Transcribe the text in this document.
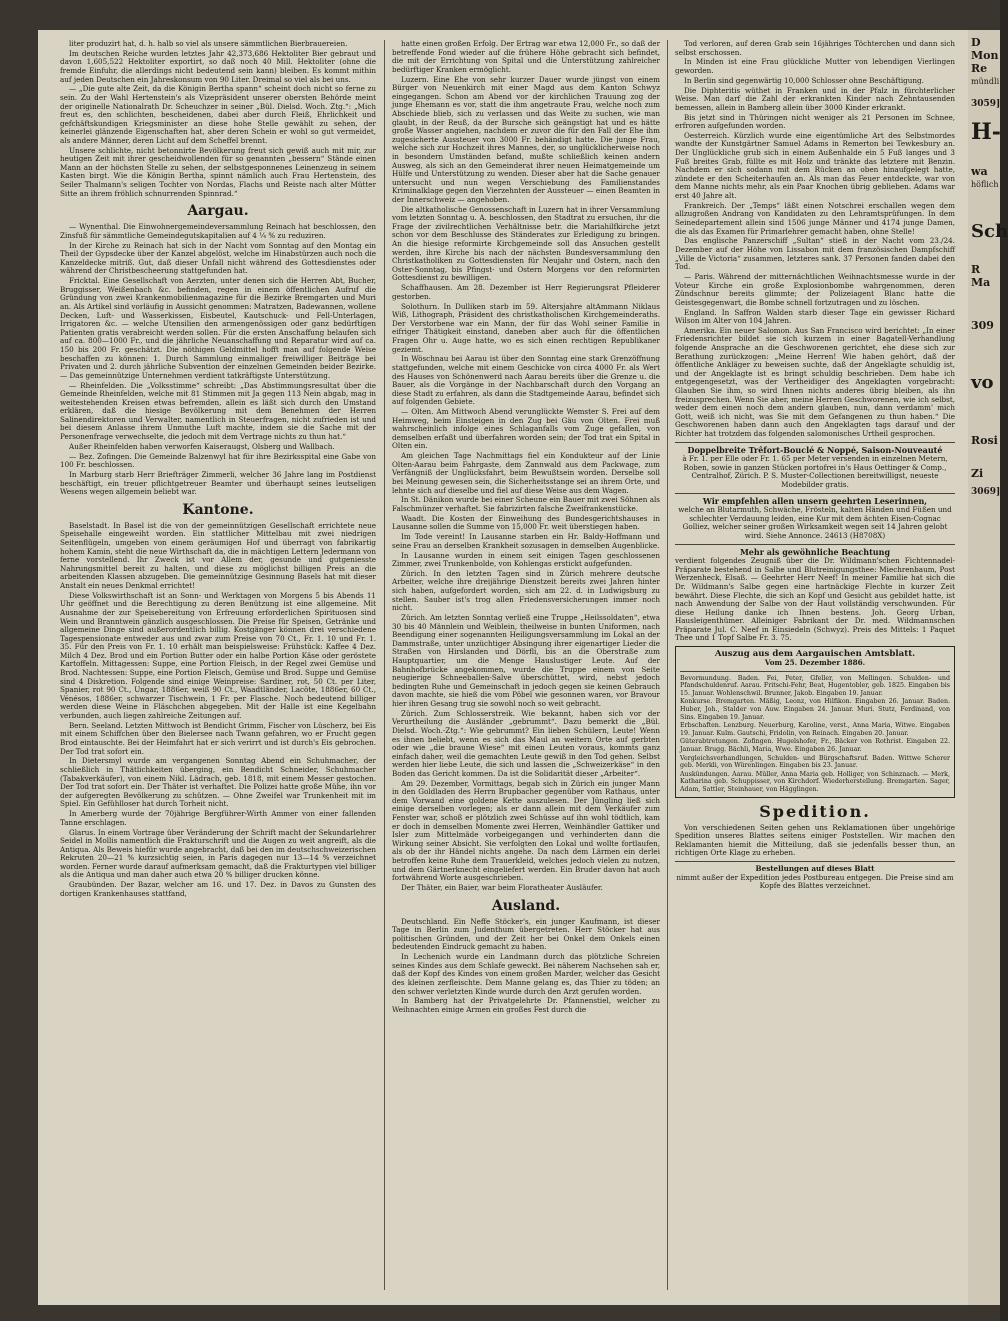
D
Mon
Re
mündli
3059]
H-
wa
höflich
Sch
R
Ma
309
vo
Rosi
Zi
3069]

liter produzirt hat, d. h. halb so viel als unsere sämmtlichen Bierbrauereien.

Im deutschen Reiche wurden letztes Jahr 42,373,686 Hektoliter Bier gebraut und davon 1,605,522 Hektoliter exportirt, so daß noch 40 Mill. Hektoliter (ohne die fremde Einfuhr, die allerdings nicht bedeutend sein kann) bleiben. Es kommt mithin auf jeden Deutschen ein Jahreskonsum von 90 Liter. Dreimal so viel als bei uns.

— „Die gute alte Zeit, da die Königin Bertha spann“ scheint doch nicht so ferne zu sein. Zu der Wahl Hertenstein's als Vizepräsident unserer obersten Behörde meint der originelle Nationalrath Dr. Scheuchzer in seiner „Bül. Dielsd. Woch. Ztg.“: „Mich freut es, den schlichten, bescheidenen, dabei aber durch Fleiß, Ehrlichkeit und gefchäftskundigen Kriegsminister an diese hohe Stelle gewählt zu sehen, der keinerlei glänzende Eigenschaften hat, aber deren Schein er wohl so gut vermeidet, als andere Männer, deren Licht auf dem Scheffel brennt.

Unsere schlichte, nicht betonnirte Bevölkerung freut sich gewiß auch mit mir, zur heutigen Zeit mit ihrer gescheidwollenden für so genannten „bessern“ Stände einen Mann an der höchsten Stelle zu sehen, der selbstgesponnenes Leinenzeug in seinem Kasten birgt. Wie die Königin Bertha, spinnt nämlich auch Frau Hertenstein, des Seiler Thalmann's seligen Tochter von Nordas, Flachs und Reiste nach alter Mütter Sitte an ihrem fröhlich schnurrenden Spinnrad.“

Aargau.

— Wynenthal. Die Einwohnergemeindeversammlung Reinach hat beschlossen, den Zinsfuß für sämmtliche Gemeindegutskapitalien auf 4 ¼ % zu reduziren.

In der Kirche zu Reinach hat sich in der Nacht vom Sonntag auf den Montag ein Theil der Gypsdecke über der Kanzel abgelöst, welche im Hinabstürzen auch noch die Kanzeldecke mitriß. Gut, daß dieser Unfall nicht während des Gottesdienstes oder während der Christbescheerung stattgefunden hat.

Fricktal. Eine Gesellschaft von Aerzten, unter denen sich die Herren Abt, Bucher, Bruggisser, Weißenbach &c. befinden, regen in einem öffentlichen Aufruf die Gründung von zwei Krankenmobilienmagazine für die Bezirke Bremgarten und Muri an. Als Artikel sind vorläufig in Aussicht genommen: Matratzen, Badewannen, wollene Decken, Luft- und Wasserkissen, Eisbeutel, Kautschuck- und Fell-Unterlagen, Irrigatoren &c. — welche Utensilien den armengenössigen oder ganz bedürftigen Patienten gratis verabreicht werden sollen. Für die ersten Anschaffung belaufen sich auf ca. 800—1000 Fr., und die jährliche Neuanschaffung und Reparatur wird auf ca. 150 bis 200 Fr. geschätzt. Die nöthigen Geldmittel hofft man auf folgende Weise beschaffen zu können: 1. Durch Sammlung einmaliger freiwilliger Beiträge bei Privaten und 2. durch jährliche Subvention der einzelnen Gemeinden beider Bezirke. — Das gemeinnützige Unternehmen verdient tatkräftigste Unterstützung.

— Rheinfelden. Die „Volksstimme“ schreibt: „Das Abstimmungsresultat über die Gemeinde Rheinfelden, welche mit 81 Stimmen mit Ja gegen 113 Nein abgab, mag in weitestehenden Kreisen etwas befremden, allein es läßt sich durch den Umstand erklären, daß die hiesige Bevölkerung mit dem Benehmen der Herren Salinendirektoren und Verwalter, namentlich in Steuerfragen, nicht zufrieden ist und bei diesem Anlasse ihrem Unmuthe Luft machte, indem sie die Sache mit der Personenfrage verwechselte, die jedoch mit dem Vertrage nichts zu thun hat.“

Außer Rheinfelden haben verworfen Kaiseraugst, Olsberg und Wallbach.

— Bez. Zofingen. Die Gemeinde Balzenwyl hat für ihre Bezirksspital eine Gabe von 100 Fr. beschlossen.

In Marburg starb Herr Briefträger Zimmerli, welcher 36 Jahre lang im Postdienst beschäftigt, ein treuer pflichtgetreuer Beamter und überhaupt seines leutseligen Wesens wegen allgemein beliebt war.

Kantone.

Baselstadt. In Basel ist die von der gemeinnützigen Gesellschaft errichtete neue Speisehalle eingeweiht worden. Ein stattlicher Mittelbau mit zwei niedrigen Seitenflügeln, umgeben von einem geräumigen Hof und überragt von fabrikartig hohem Kamin, steht die neue Wirthschaft da, die in mächtigen Lettern Jedermann von ferne vorstellend. Ihr Zweck ist vor Allem der, gesunde und gutgeniesste Nahrungsmittel bereit zu halten, und diese zu möglichst billigen Preis an die arbeitenden Klassen abzugeben. Die gemeinnützige Gesinnung Basels hat mit dieser Anstalt ein neues Denkmal errichtet!

Diese Volkswirthschaft ist an Sonn- und Werktagen von Morgens 5 bis Abends 11 Uhr geöffnet und die Berechtigung zu deren Benützung ist eine allgemeine. Mit Ausnahme der zur Speisebereitung von Erfreuung erforderlichen Spirituosen sind Wein und Branntwein gänzlich ausgeschlossen. Die Preise für Speisen, Getränke und allgemeine Dinge sind außerordentlich billig. Kostgänger können drei verschiedene Tagespensionate entweder aus und zwar zum Preise von 70 Ct., Fr. 1. 10 und Fr. 1. 35. Für den Preis von Fr. 1. 10 erhält man beispielsweise: Frühstück: Kaffee 4 Dez. Milch 4 Dez. Brod und ein Portion Butter oder ein halbe Portion Käse oder geröstete Kartoffeln. Mittagessen: Suppe, eine Portion Fleisch, in der Regel zwei Gemüse und Brod. Nachtessen: Suppe, eine Portion Fleisch, Gemüse und Brod. Suppe und Gemüse sind 4 Diskretion. Folgende sind einige Weinpreise: Sardiner, rot, 50 Ct. per Liter, Spanier, rot 90 Ct., Ungar, 1886er, weiß 90 Ct., Waadtländer, Lacôte, 1886er, 60 Ct., Vénésos, 1886er, schwarzer Tischwein, 1 Fr. per Flasche. Noch bedeutend billiger werden diese Weine in Fläschchen abgegeben. Mit der Halle ist eine Kegelbahn verbunden, auch liegen zahlreiche Zeitungen auf.

Bern. Seeland. Letzten Mittwoch ist Bendicht Grimm, Fischer von Lüscherz, bei Eis mit einem Schiffchen über den Bielersee nach Twann gefahren, wo er Frucht gegen Brod eintauschte. Bei der Heimfahrt hat er sich verirrt und ist durch's Eis gebrochen. Der Tod trat sofort ein.

In Dietersmyl wurde am vergangenen Sonntag Abend ein Schuhmacher, der schließlich in Thätlichkeiten überging, ein Bendicht Schneider, Schuhmacher (Tabakverkäufer), von einem Nikl. Lädrach, geb. 1818, mit einem Messer gestochen. Der Tod trat sofort ein. Der Thäter ist verhaftet. Die Polizei hatte große Mühe, ihn vor der aufgeregten Bevölkerung zu schützen. — Ohne Zweifel war Trunkenheit mit im Spiel. Ein Gefühlloser hat durch Torheit nicht.

In Amerberg wurde der 70jährige Bergführer-Wirth Ammer von einer fallenden Tanne erschlagen.

Glarus. In einem Vortrage über Veränderung der Schrift macht der Sekundarlehrer Seidel in Mollis namentlich die Frakturschrift und die Augen zu weit angreift, als die Antiqua. Als Beweis hiefür wurde angebracht, daß bei den im deutschschweizerischen Rekruten 20—21 % kurzsichtig seien, in Paris dagegen nur 13—14 % verzeichnet worden. Ferner wurde darauf aufmerksam gemacht, daß die Frakturtypen viel billiger als die Antiqua und man daher auch etwa 20 % billiger drucken könne.

Graubünden. Der Bazar, welcher am 16. und 17. Dez. in Davos zu Gunsten des dortigen Krankenhauses stattfand,

hatte einen großen Erfolg. Der Ertrag war etwa 12,000 Fr., so daß der betreffende Fond wieder auf die frühere Höhe gebracht sich befindet, die mit der Errichtung von Spital und die Unterstützung zahlreicher bedürftiger Kranken ermöglicht.

Luzern. Eine Ehe von sehr kurzer Dauer wurde jüngst von einem Bürger von Neuenkirch mit einer Magd aus dem Kanton Schwyz eingegangen. Schon am Abend vor der kirchlichen Trauung zog der junge Ehemann es vor, statt die ihm angetraute Frau, welche noch zum Abschiede blieb, sich zu verlassen und das Weite zu suchen, wie man glaubt, in der Reuß, da der Bursche sich geängstigt hat und es hätte große Wasser angiehen, nachdem er zuvor die für den Fall der Ehe ihm zugesicherte Aussteuer von 3000 Fr. behändigt hatte. Die junge Frau, welche sich zur Hochzeit ihres Mannes, der, so unglücklicherweise noch in besondern Umständen befand, mußte schließlich keinen andern Ausweg, als sich an den Gemeinderat ihrer neuen Heimatgemeinde um Hülfe und Unterstützung zu wenden. Dieser aber hat die Sache genauer untersucht und nun wegen Verschiebung des Familienstandes Kriminalklage gegen den Vierzehnten der Aussteuer — einen Beamten in der Innerschweiz — angehoben.

Die altkatholische Genossenschaft in Luzern hat in ihrer Versammlung vom letzten Sonntag u. A. beschlossen, den Stadtrat zu ersuchen, ihr die Frage der zivilrechtlichen Verhältnisse betr. die Mariahilfkirche jetzt schon vor dem Beschlusse des Ständerates zur Erledigung zu bringen. An die hiesige reformirte Kirchgemeinde soll das Ansuchen gestellt werden, ihre Kirche bis nach der nächsten Bundesversammlung den Christkatholiken zu Gottesdiensten für Neujahr und Ostern, nach den Oster-Sonntag, bis Pfingst- und Ostern Morgens vor den reformirten Gottesdienst zu bewilligen.

Schaffhausen. Am 28. Dezember ist Herr Regierungsrat Pfleiderer gestorben.

Solothurn. In Dulliken starb im 59. Altersjahre altAmmann Niklaus Wiß, Lithograph, Präsident des christkatholischen Kirchgemeinderaths. Der Verstorbene war ein Mann, der für das Wohl seiner Familie in eifriger Thätigkeit einstand, daneben aber auch für die öffentlichen Fragen Ohr u. Auge hatte, wo es sich einen rechtigen Republikaner geziemt.

In Wöschnau bei Aarau ist über den Sonntag eine stark Grenzöffnung stattgefunden, welche mit einem Geschicke von circa 4000 Fr. als Wert des Hauses von Schönenwerd nach Aarau bereits über die Grenze u. die Bauer, als die Vorgänge in der Nachbarschaft durch den Vorgang an diese Stadt zu erfahren, als dann die Stadtgemeinde Aarau, befindet sich auf folgenden Gebiete.

— Olten. Am Mittwoch Abend verunglückte Wemster S. Frei auf dem Heimweg, beim Einsteigen in den Zug bei Gäu von Olten. Frei muß wahrscheinlich infolge eines Schlaganfalls vom Zuge gefallen, von demselben erfaßt und überfahren worden sein; der Tod trat ein Spital in Olten ein.

Am gleichen Tage Nachmittags fiel ein Kondukteur auf der Linie Olten-Aarau beim Fahrgaste, dem Zannwald aus dem Packwage, zum Verfängniß der Unglücksfahrt, beim Bewußtsein worden. Derselbe soll bei Meinung gewesen sein, die Sicherheitsstange sei an ihrem Orte, und lehnte sich auf dieselbe und fiel auf diese Weise aus dem Wagen.

In St. Dänikon wurde bei einer Scheune ein Bauer mit zwei Söhnen als Falschmünzer verhaftet. Sie fabrizirten falsche Zweifrankenstücke.

Waadt. Die Kosten der Einweihung des Bundesgerichtshauses in Lausanne sollen die Summe von 15,000 Fr. weit überstiegen haben.

Im Tode vereint! In Lausanne starben ein Hr. Baldy-Hoffmann und seine Frau an derselben Krankheit sozusagen in demselben Augenblicke.

In Lausanne wurden in einem seit einigen Tagen geschlossenen Zimmer, zwei Trunkenbolde, von Kohlengas erstickt aufgefunden.

Zürich. In den letzten Tagen sind in Zürich mehrere deutsche Arbeiter, welche ihre dreijährige Dienstzeit bereits zwei Jahren hinter sich haben, aufgefordert worden, sich am 22. d. in Ludwigsburg zu stellen. Sauber ist's trog allen Friedensversicherungen immer noch nicht.

Zürich. Am letzten Sonntag verließ eine Truppe „Heilssoldaten“, etwa 30 bis 40 Männlein und Weiblein, theilweise in bunten Uniformen, nach Beendigung einer sogenannten Heiligungsversammlung im Lokal an der Dammstraße, unter unzüchtiger Absingung ihrer eigenartiger Lieder die Straßen von Hirslanden und Dörfli, bis an die Oberstraße zum Hauptquartier, um die Menge Hauslustiger Leute. Auf der Bahnhofbrücke angekommen, wurde die Truppe einem von Seite neugierige Schneeballen-Salve überschüttet, wird, nebst jedoch bedingten Ruhe und Gemeinschaft in jedoch gegen sie keinen Gebrauch davon machte, sie hieß die vom Pöbel wie gesonnen waren, vor Bravour hier ihren Gesang trug sie sowohl noch so weit gebracht.

Zürich. Zum Schlosserstreik. Wie bekannt, haben sich vor der Verurtheilung die Ausländer „gebrummt“. Dazu bemerkt die „Bül. Dielsd. Woch.-Ztg.“: Wie gebrummt? Ein lieben Schülern, Leute! Wenn es ihnen beliebt, wenn es sich das Maul an weitern Orte auf gerbten oder wie „die braune Wiese“ mit einen Leuten voraus, kommts ganz einfach daher, weil die gemachten Leute gewiß in den Tod gehen. Selbst werden hier liebe Leute, die sich und lassen die „Schweizerkäse“ in den Boden das Gericht kommen. Da ist die Solidarität dieser „Arbeiter“.

Am 29. Dezember, Vormittags, begab sich in Zürich ein junger Mann in den Goldladen des Herrn Brupbacher gegenüber vom Rathaus, unter dem Vorwand eine goldene Kette auszulesen. Der Jüngling ließ sich einige derselben vorlegen; als er dann allein mit dem Verkäufer zum Fenster war, schoß er plötzlich zwei Schüsse auf ihn wohl tödtlich, kam er doch in demselben Momente zwei Herren, Weinhändler Gattiker und Isler zum Mittelmäde vorbeigegangen und verhinderten dann die Wirkung seiner Absicht. Sie verfolgten den Lokal und wollte fortlaufen, als ob der ihr Händel nichts angehe. Da nach dem Lärmen ein derlei betroffen keine Ruhe dem Trauerkleid, welches jedoch vielen zu nutzen, und dem Gärtnerknecht eingeliefert werden. Ein Bruder davon hat auch fortwährend Worte ausgeschrieben.

Der Thäter, ein Baier, war beim Floratheater Ausläufer.

Ausland.

Deutschland. Ein Neffe Stöcker's, ein junger Kaufmann, ist dieser Tage in Berlin zum Judenthum übergetreten. Herr Stöcker hat aus politischen Gründen, und der Zeit her bei Onkel dem Onkels einen bedeutenden Eindruck gemacht zu haben.

In Lechenich wurde ein Landmann durch das plötzliche Schreien seines Kindes aus dem Schlafe geweckt. Bei näherem Nachsehen sah er, daß der Kopf des Kindes von einem großen Marder, welcher das Gesicht des kleinen zerfleischte. Dem Manne gelang es, das Thier zu töden; an den schwer verletzten Kinde wurde durch den Arzt gerufen worden.

In Bamberg hat der Privatgelehrte Dr. Pfannenstiel, welcher zu Weihnachten einige Armen ein großes Fest durch die

Tod verloren, auf deren Grab sein 16jähriges Töchterchen und dann sich selbst erschossen.

In Minden ist eine Frau glückliche Mutter von lebendigen Vierlingen geworden.

In Berlin sind gegenwärtig 10,000 Schlosser ohne Beschäftigung.

Die Diphteritis wüthet in Franken und in der Pfalz in fürchterlicher Weise. Man darf die Zahl der erkrankten Kinder nach Zehntausenden bemessen, allein in Bamberg allein über 3000 Kinder erkrankt.

Bis jetzt sind in Thüringen nicht weniger als 21 Personen im Schnee, erfroren aufgefunden worden.

Oesterreich. Kürzlich wurde eine eigentümliche Art des Selbstmordes wandte der Kunstgärtner Samuel Adams in Remerton bei Tewkesbury an. Der Unglückliche grub sich in einem Außenhalde ein 5 Fuß langes und 3 Fuß breites Grab, füllte es mit Holz und tränkte das letztere mit Benzin. Nachdem er sich sodann mit dem Rücken an oben hinaufgelegt hatte, zündete er den Scheiterhaufen an. Als man das Feuer entdeckte, war von dem Manne nichts mehr, als ein Paar Knochen übrig geblieben. Adams war erst 40 Jahre alt.

Frankreich. Der „Temps“ läßt einen Notschrei erschallen wegen dem allzugroßen Andrang von Kandidaten zu den Lehramtsprüfungen. In dem Seinedepartement allein sind 1506 junge Männer und 4174 junge Damen, die als das Examen für Primarlehrer gemacht haben, ohne Stelle!

Das englische Panzerschiff „Sultan“ stieß in der Nacht vom 23./24. Dezember auf der Höhe von Lissabon mit dem französischen Dampfschiff „Ville de Victoria“ zusammen, letzteres sank. 37 Personen fanden dabei den Tod.

— Paris. Während der mitternächtlichen Weihnachtsmesse wurde in der Voteur Kirche ein große Explosionbombe wahrgenommen, deren Zündschnur bereits glimmte; der Polizeiagent Blanc hatte die Geistesgegenwart, die Bombe schnell fortzutragen und zu löschen.

England. In Saffron Walden starb dieser Tage ein gewisser Richard Wilson im Alter von 104 Jahren.

Amerika. Ein neuer Salomon. Aus San Francisco wird berichtet: „In einer Friedensrichter bildet sie sich kurzem in einer Bagatell-Verhandlung folgende Ansprache an die Geschworenen gerichtet, ehe diese sich zur Berathung zurückzogen: „Meine Herren! Wie haben gehört, daß der öffentliche Ankläger zu beweisen suchte, daß der Angeklagte schuldig ist, und der Angeklagte ist es bringt schuldig beschrieben. Dem habe ich entgegengesetzt, was der Vertheidiger des Angeklagten vorgebracht: Glauben Sie ihm, so wird Ihnen nichts anderes übrig bleiben, als ihn freizusprechen. Wenn Sie aber, meine Herren Geschworenen, wie ich selbst, weder dem einen noch dem andern glauben, nun, dann verdamm' mich Gott, weiß ich nicht, was Sie mit dem Gefangenen zu thun haben.“ Die Geschworenen haben dann auch den Angeklagten tags darauf und der Richter hat trotzdem das folgenden salomonisches Urtheil gesprochen.

Doppelbreite Trêfort-Bouclé & Noppé, Saison-Nouveauté
à Fr. 1. per Elle oder Fr. 1. 65 per Meter versenden in einzelnen Metern, Roben, sowie in ganzen Stücken portofrei in's Haus Oettinger & Comp., Centralhof, Zürich. P. S. Muster-Collectionen bereitwilligst, neueste Modebilder gratis.
Wir empfehlen allen unsern geehrten Leserinnen,
welche an Blutarmuth, Schwäche, Frösteln, kalten Händen und Füßen und schlechter Verdauung leiden, eine Kur mit dem ächten Eisen-Cognac Golliez, welcher seiner großen Wirksamkeit wegen seit 14 Jahren gelobt wird. Siehe Annonce. 24613 (H8708X)
Mehr als gewöhnliche Beachtung
verdient folgendes Zeugniß über die Dr. Wildmann'schen Fichtennadel-Präparate bestehend in Salbe und Blutreinigungsthee: Miechrenbaum, Post Werzenheck, Elsaß. — Geehrter Herr Neef! In meiner Familie hat sich die Dr. Wildmann's Salbe gegen eine hartnäckige Flechte in kurzer Zeit bewährt. Diese Flechte, die sich an Kopf und Gesicht aus gebildet hatte, ist nach Anwendung der Salbe von der Haut vollständig verschwunden. Für diese Heilung danke ich Ihnen bestens. Joh. Georg Urban, Hausleigenthümer. Alleiniger Fabrikant der Dr. med. Wildmannschen Präparate Jul. C. Neef in Einsiedeln (Schwyz). Preis des Mittels: 1 Paquet Thee und 1 Topf Salbe Fr. 3. 75.
Auszug aus dem Aargauischen Amtsblatt.
Vom 25. Dezember 1886.

Bevormundung. Baden. Fei, Peter, Gfeller, von Mellingen. Schulden- und Pfandschuldenruf. Aarau. Fritschi-Fehr, Beat, Hugentobler, geb. 1825. Eingaben bis 15. Januar. Wohlenschwil. Brunner, Jakob. Eingaben 19. Januar.

Konkurse. Bremgarten. Mäßig, Leonz, von Hilfikon. Eingaben 26. Januar. Baden. Huber, Joh., Stalder von Auw. Eingaben 24. Januar. Muri. Stutz, Ferdinand, von Sins. Eingaben 19. Januar.

Erbschaften. Lenzburg. Neuerburg, Karoline, verst., Anna Maria, Witwe. Eingaben 19. Januar. Kulm. Gautschi, Fridolin, von Reinach. Eingaben 20. Januar.

Güterabtretungen. Zofingen. Hugelshofer, Fr., Bäcker von Rothrist. Eingaben 22. Januar. Brugg. Bächli, Maria, Wwe. Eingaben 26. Januar.

Vergleichsverhandlungen, Schulden- und Bürgschaftsruf. Baden. Wittwe Scherer geb. Merkli, von Würenlingen. Eingaben bis 23. Januar.

Auskündungen. Aarau. Müller, Anna Maria geb. Holliger, von Schinznach. — Merk, Katharina geb. Schuppisser, von Kirchdorf. Wiederherstellung. Bremgarten. Sager, Adam, Sattler, Steinhauer, von Hägglingen.

Spedition.

Von verschiedenen Seiten gehen uns Reklamationen über ungehörige Spedition unseres Blattes seitens einiger Poststellen. Wir machen den Reklamanten hiemit die Mitteilung, daß sie jedenfalls besser thun, an richtigen Orte Klage zu erheben.

Bestellungen auf dieses Blatt
nimmt außer der Expedition jedes Postbureau entgegen. Die Preise sind am Kopfe des Blattes verzeichnet.
